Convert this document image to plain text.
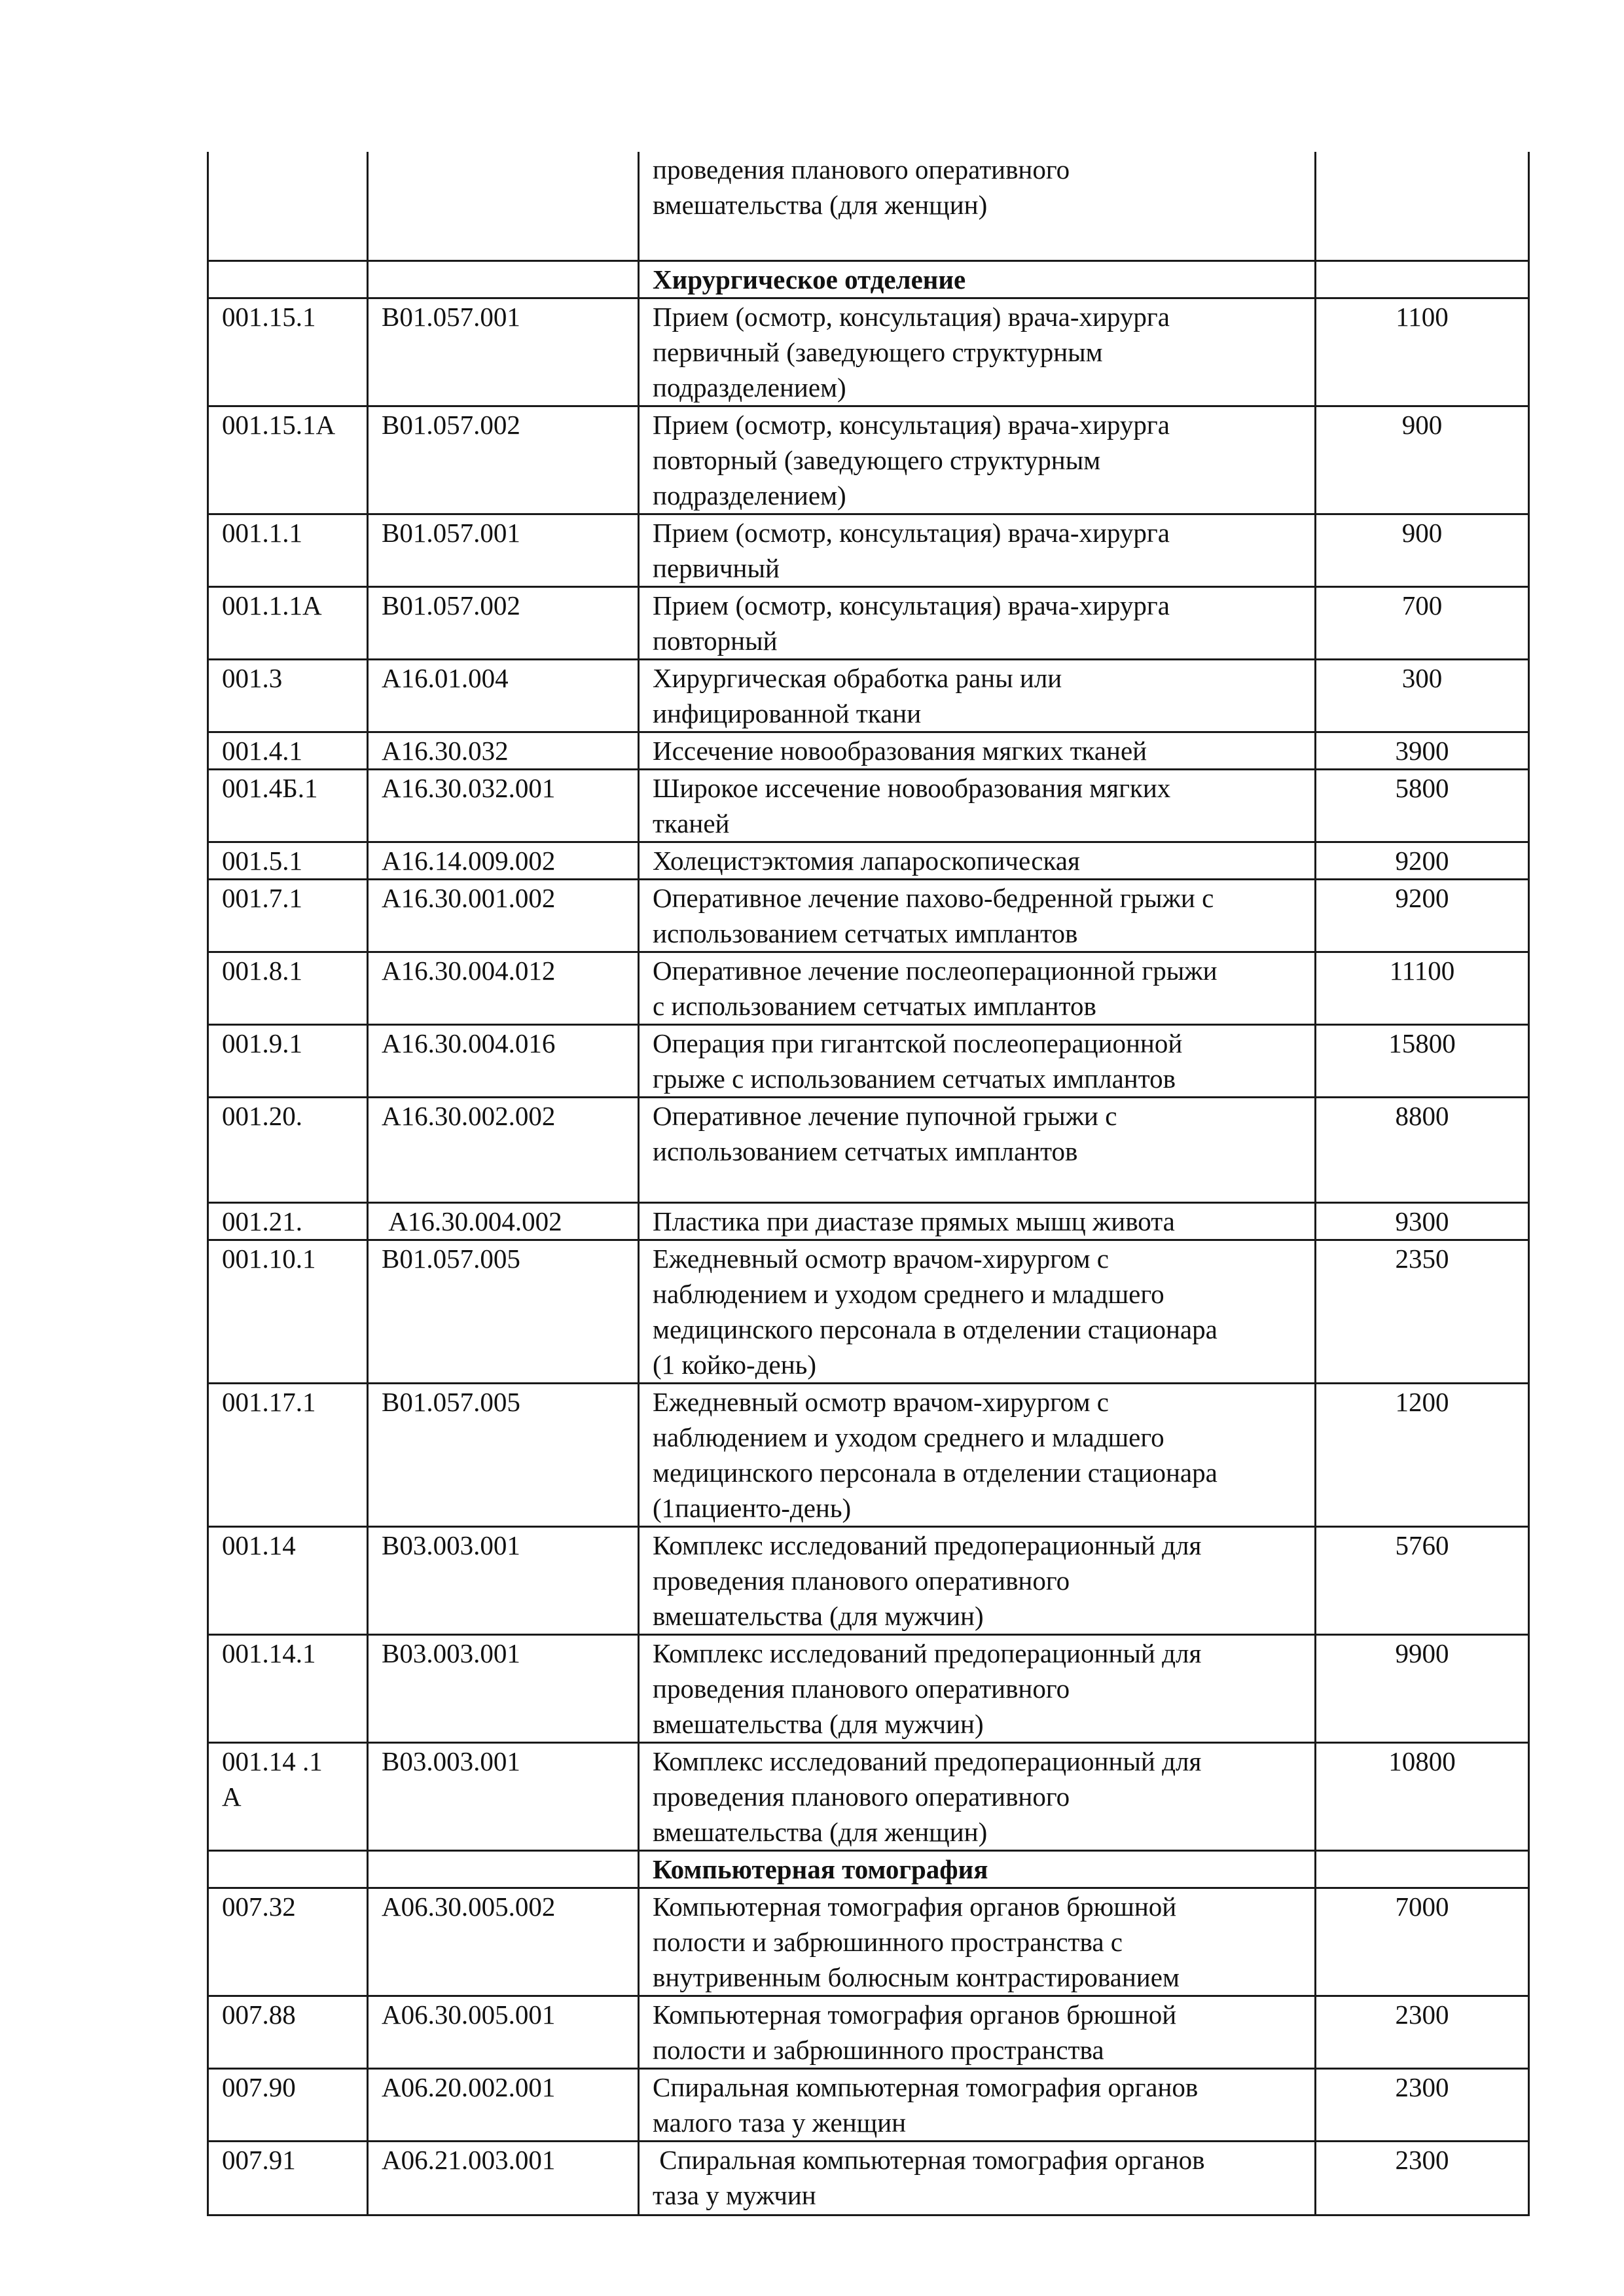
		проведения планового оперативного
вмешательства (для женщин)	

		Хирургическое отделение	

001.15.1	B01.057.001	Прием (осмотр, консультация) врача-хирурга
первичный (заведующего структурным
подразделением)	1100

001.15.1А	B01.057.002	Прием (осмотр, консультация) врача-хирурга
повторный (заведующего структурным
подразделением)	900

001.1.1	B01.057.001	Прием (осмотр, консультация) врача-хирурга
первичный	900

001.1.1А	B01.057.002	Прием (осмотр, консультация) врача-хирурга
повторный	700

001.3	A16.01.004	Хирургическая обработка раны или
инфицированной ткани	300

001.4.1	A16.30.032	Иссечение новообразования мягких тканей	3900

001.4Б.1	A16.30.032.001	Широкое иссечение новообразования мягких
тканей	5800

001.5.1	A16.14.009.002	Холецистэктомия лапароскопическая	9200

001.7.1	A16.30.001.002	Оперативное лечение пахово-бедренной грыжи с
использованием сетчатых имплантов	9200

001.8.1	A16.30.004.012	Оперативное лечение послеоперационной грыжи
с использованием сетчатых имплантов	11100

001.9.1	A16.30.004.016	Операция при гигантской послеоперационной
грыже с использованием сетчатых имплантов	15800

001.20.	A16.30.002.002	Оперативное лечение пупочной грыжи с
использованием сетчатых имплантов	8800

001.21.	A16.30.004.002	Пластика при диастазе прямых мышц живота	9300

001.10.1	B01.057.005	Ежедневный осмотр врачом-хирургом с
наблюдением и уходом среднего и младшего
медицинского персонала в отделении стационара
(1 койко-день)	2350

001.17.1	B01.057.005	Ежедневный осмотр врачом-хирургом с
наблюдением и уходом среднего и младшего
медицинского персонала в отделении стационара
(1пациенто-день)	1200

001.14	B03.003.001	Комплекс исследований предоперационный для
проведения планового оперативного
вмешательства (для мужчин)	5760

001.14.1	B03.003.001	Комплекс исследований предоперационный для
проведения планового оперативного
вмешательства (для мужчин)	9900

001.14 .1
А	B03.003.001	Комплекс исследований предоперационный для
проведения планового оперативного
вмешательства (для женщин)	10800

		Компьютерная томография	

007.32	A06.30.005.002	Компьютерная томография органов брюшной
полости и забрюшинного пространства с
внутривенным болюсным контрастированием	7000

007.88	A06.30.005.001	Компьютерная томография органов брюшной
полости и забрюшинного пространства	2300

007.90	A06.20.002.001	Спиральная компьютерная томография органов
малого таза у женщин	2300

007.91	A06.21.003.001	Спиральная компьютерная томография органов
таза у мужчин	2300
